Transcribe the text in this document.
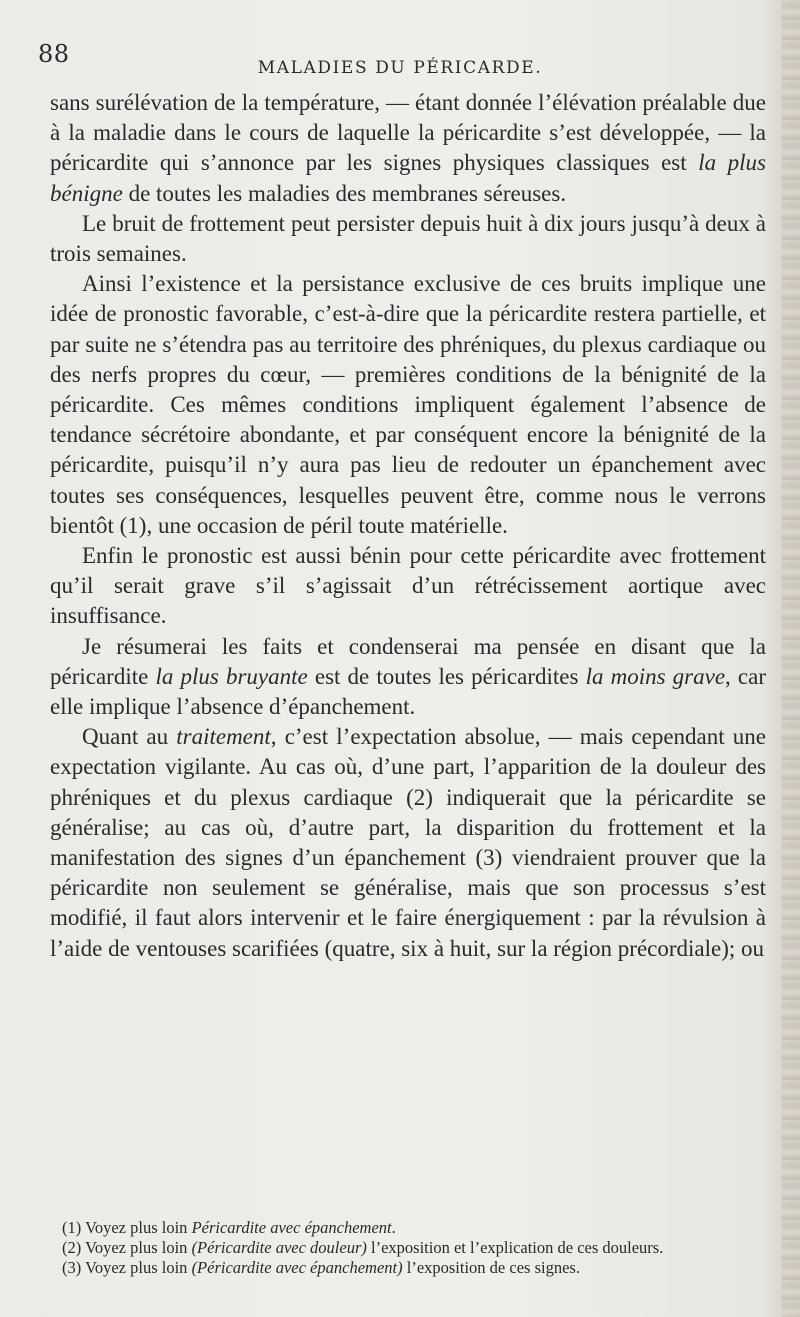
88	MALADIES DU PÉRICARDE.

sans surélévation de la température, — étant donnée l’élévation préalable due à la maladie dans le cours de laquelle la péricardite s’est développée, — la péricardite qui s’annonce par les signes physiques classiques est la plus bénigne de toutes les maladies des membranes séreuses.

Le bruit de frottement peut persister depuis huit à dix jours jusqu’à deux à trois semaines.

Ainsi l’existence et la persistance exclusive de ces bruits implique une idée de pronostic favorable, c’est-à-dire que la péricardite restera partielle, et par suite ne s’étendra pas au territoire des phréniques, du plexus cardiaque ou des nerfs propres du cœur, — premières conditions de la bénignité de la péricardite. Ces mêmes conditions impliquent également l’absence de tendance sécrétoire abondante, et par conséquent encore la bénignité de la péricardite, puisqu’il n’y aura pas lieu de redouter un épanchement avec toutes ses conséquences, lesquelles peuvent être, comme nous le verrons bientôt (1), une occasion de péril toute matérielle.

Enfin le pronostic est aussi bénin pour cette péricardite avec frottement qu’il serait grave s’il s’agissait d’un rétrécissement aortique avec insuffisance.

Je résumerai les faits et condenserai ma pensée en disant que la péricardite la plus bruyante est de toutes les péricardites la moins grave, car elle implique l’absence d’épanchement.

Quant au traitement, c’est l’expectation absolue, — mais cependant une expectation vigilante. Au cas où, d’une part, l’apparition de la douleur des phréniques et du plexus cardiaque (2) indiquerait que la péricardite se généralise; au cas où, d’autre part, la disparition du frottement et la manifestation des signes d’un épanchement (3) viendraient prouver que la péricardite non seulement se généralise, mais que son processus s’est modifié, il faut alors intervenir et le faire énergiquement : par la révulsion à l’aide de ventouses scarifiées (quatre, six à huit, sur la région précordiale); ou

(1) Voyez plus loin Péricardite avec épanchement.

(2) Voyez plus loin (Péricardite avec douleur) l’exposition et l’explication de ces douleurs.

(3) Voyez plus loin (Péricardite avec épanchement) l’exposition de ces signes.
